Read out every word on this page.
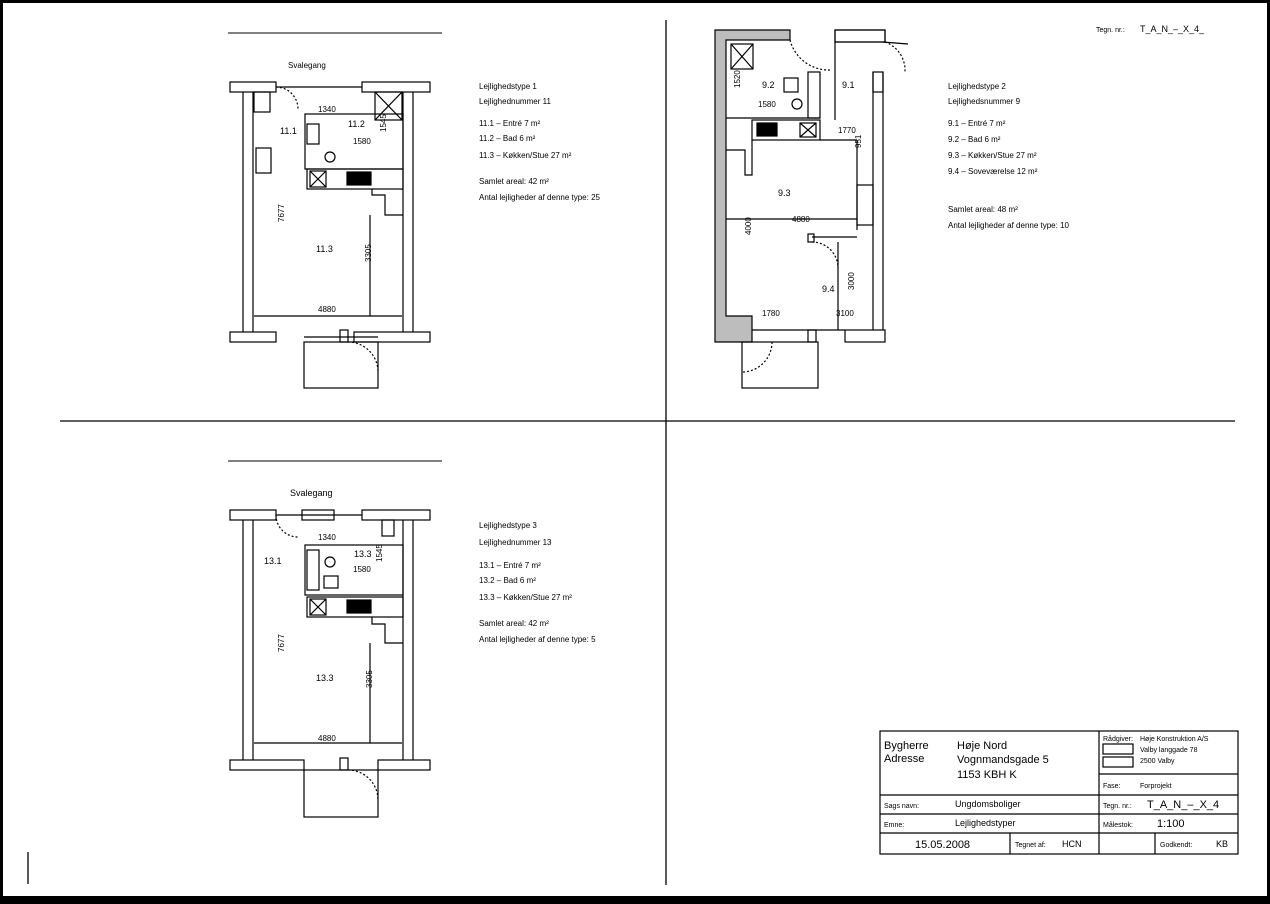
Tegn. nr.: T_A_N_–_X_4_
Svalegang
11.1
11.2
11.3
1340
1580
1545
7677
3305
4880
Lejlighedstype 1
Lejlighednummer 11
11.1 – Entré 7 m²
11.2 – Bad 6 m²
11.3 – Køkken/Stue 27 m²
Samlet areal: 42 m²
Antal lejligheder af denne type: 25
9.2	9.1
9.3
9.4
1520
1580
1770
951
4880
4000
1780
3000
3100
Lejlighedstype 2
Lejlighedsnummer 9
9.1 – Entré 7 m²
9.2 – Bad 6 m²
9.3 – Køkken/Stue 27 m²
9.4 – Soveværelse 12 m²
Samlet areal: 48 m²
Antal lejligheder af denne type: 10
Svalegang
13.1
13.3
13.3
1340
1580
1545
7677
3305
4880
Lejlighedstype 3
Lejlighednummer 13
13.1 – Entré 7 m²
13.2 – Bad 6 m²
13.3 – Køkken/Stue 27 m²
Samlet areal: 42 m²
Antal lejligheder af denne type: 5
Bygherre
Adresse
Høje Nord
Vognmandsgade 5
1153 KBH K
Rådgiver: Høje Konstruktion A/S
Valby langgade 78
2500 Valby
Fase:	Forprojekt
Sags navn:	Ungdomsboliger	Tegn. nr.: T_A_N_–_X_4
Emne:	Lejlighedstyper	Målestok: 1:100
15.05.2008	Tegnet af: HCN	Godkendt:	KB
